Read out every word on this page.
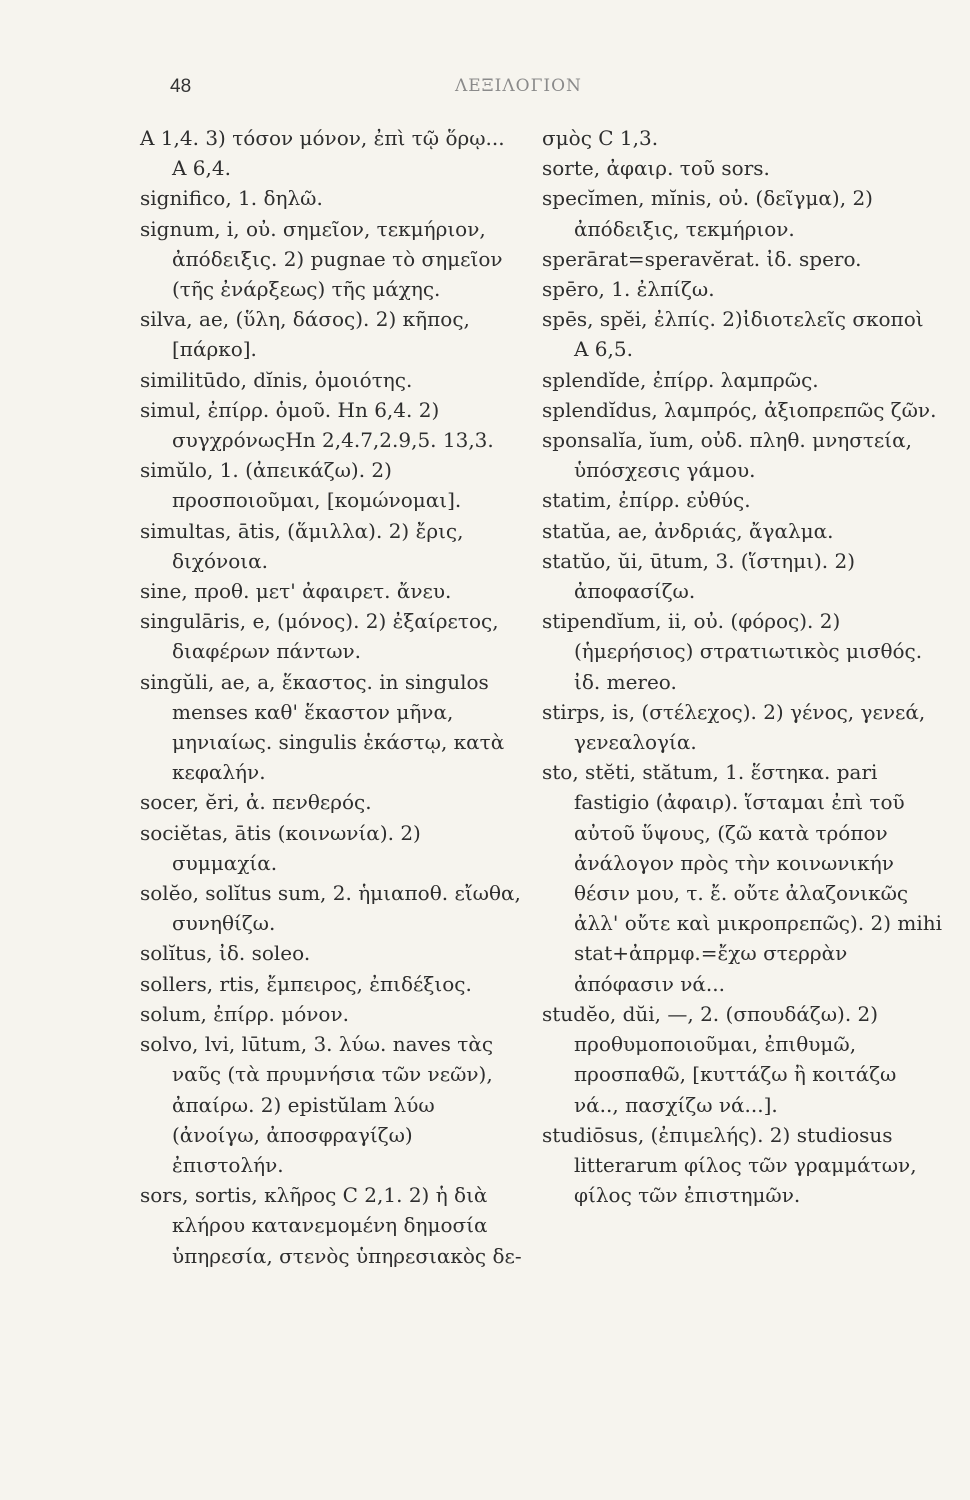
48	ΛΕΞΙΛΟΓΙΟΝ
Α 1,4. 3) τόσον μόνον, ἐπὶ τῷ ὅρῳ... Α 6,4.
significo, 1. δηλῶ.
signum, i, οὐ. σημεῖον, τεκμήριον, ἀπόδειξις. 2) pugnae τὸ σημεῖον (τῆς ἐνάρξεως) τῆς μάχης.
silva, ae, (ὕλη, δάσος). 2) κῆπος, [πάρκο].
similitūdo, dĭnis, ὁμοιότης.
simul, ἐπίρρ. ὁμοῦ. Ηn 6,4. 2) συγχρόνωςΗn 2,4.7,2.9,5. 13,3.
simŭlo, 1. (ἀπεικάζω). 2) προσποιοῦμαι, [κομώνομαι].
simultas, ātis, (ἅμιλλα). 2) ἔρις, διχόνοια.
sine, προθ. μετ' ἀφαιρετ. ἄνευ.
singulāris, e, (μόνος). 2) ἐξαίρετος, διαφέρων πάντων.
singŭli, ae, a, ἕκαστος. in singulos menses καθ' ἕκαστον μῆνα, μηνιαίως. singulis ἑκάστῳ, κατὰ κεφαλήν.
socer, ĕri, ἀ. πενθερός.
sociĕtas, ātis (κοινωνία). 2) συμμαχία.
solĕo, solĭtus sum, 2. ἡμιαποθ. εἴωθα, συνηθίζω.
solĭtus, ἰδ. soleo.
sollers, rtis, ἔμπειρος, ἐπιδέξιος.
solum, ἐπίρρ. μόνον.
solvo, lvi, lūtum, 3. λύω. naves τὰς ναῦς (τὰ πρυμνήσια τῶν νεῶν), ἀπαίρω. 2) epistŭlam λύω (ἀνοίγω, ἀποσφραγίζω) ἐπιστολήν.
sors, sortis, κλῆρος C 2,1. 2) ἡ διὰ κλήρου κατανεμομένη δημοσία ὑπηρεσία, στενὸς ὑπηρεσιακὸς δε-
σμὸς C 1,3.
sorte, ἀφαιρ. τοῦ sors.
specĭmen, mĭnis, οὐ. (δεῖγμα), 2) ἀπόδειξις, τεκμήριον.
sperārat=speravĕrat. ἰδ. spero.
spēro, 1. ἐλπίζω.
spēs, spĕi, ἐλπίς. 2)ἰδιοτελεῖς σκοποὶ Α 6,5.
splendĭde, ἐπίρρ. λαμπρῶς.
splendĭdus, λαμπρός, ἀξιοπρεπῶς ζῶν.
sponsalĭa, ĭum, οὐδ. πληθ. μνηστεία, ὑπόσχεσις γάμου.
statim, ἐπίρρ. εὐθύς.
statŭa, ae, ἀνδριάς, ἄγαλμα.
statŭo, ŭi, ūtum, 3. (ἵστημι). 2) ἀποφασίζω.
stipendĭum, ii, οὐ. (φόρος). 2) (ἡμερήσιος) στρατιωτικὸς μισθός. ἰδ. mereo.
stirps, is, (στέλεχος). 2) γένος, γενεά, γενεαλογία.
sto, stĕti, stătum, 1. ἕστηκα. pari fastigio (ἀφαιρ). ἵσταμαι ἐπὶ τοῦ αὐτοῦ ὕψους, (ζῶ κατὰ τρόπον ἀνάλογον πρὸς τὴν κοινωνικήν θέσιν μου, τ. ἔ. οὔτε ἀλαζονικῶς ἀλλ' οὔτε καὶ μικροπρεπῶς). 2) mihi stat+ἀπρμφ.=ἔχω στερρὰν ἀπόφασιν νά...
studĕo, dŭi, —, 2. (σπουδάζω). 2) προθυμοποιοῦμαι, ἐπιθυμῶ, προσπαθῶ, [κυττάζω ἢ κοιτάζω νά.., πασχίζω νά...].
studiōsus, (ἐπιμελής). 2) studiosus litterarum φίλος τῶν γραμμάτων, φίλος τῶν ἐπιστημῶν.
